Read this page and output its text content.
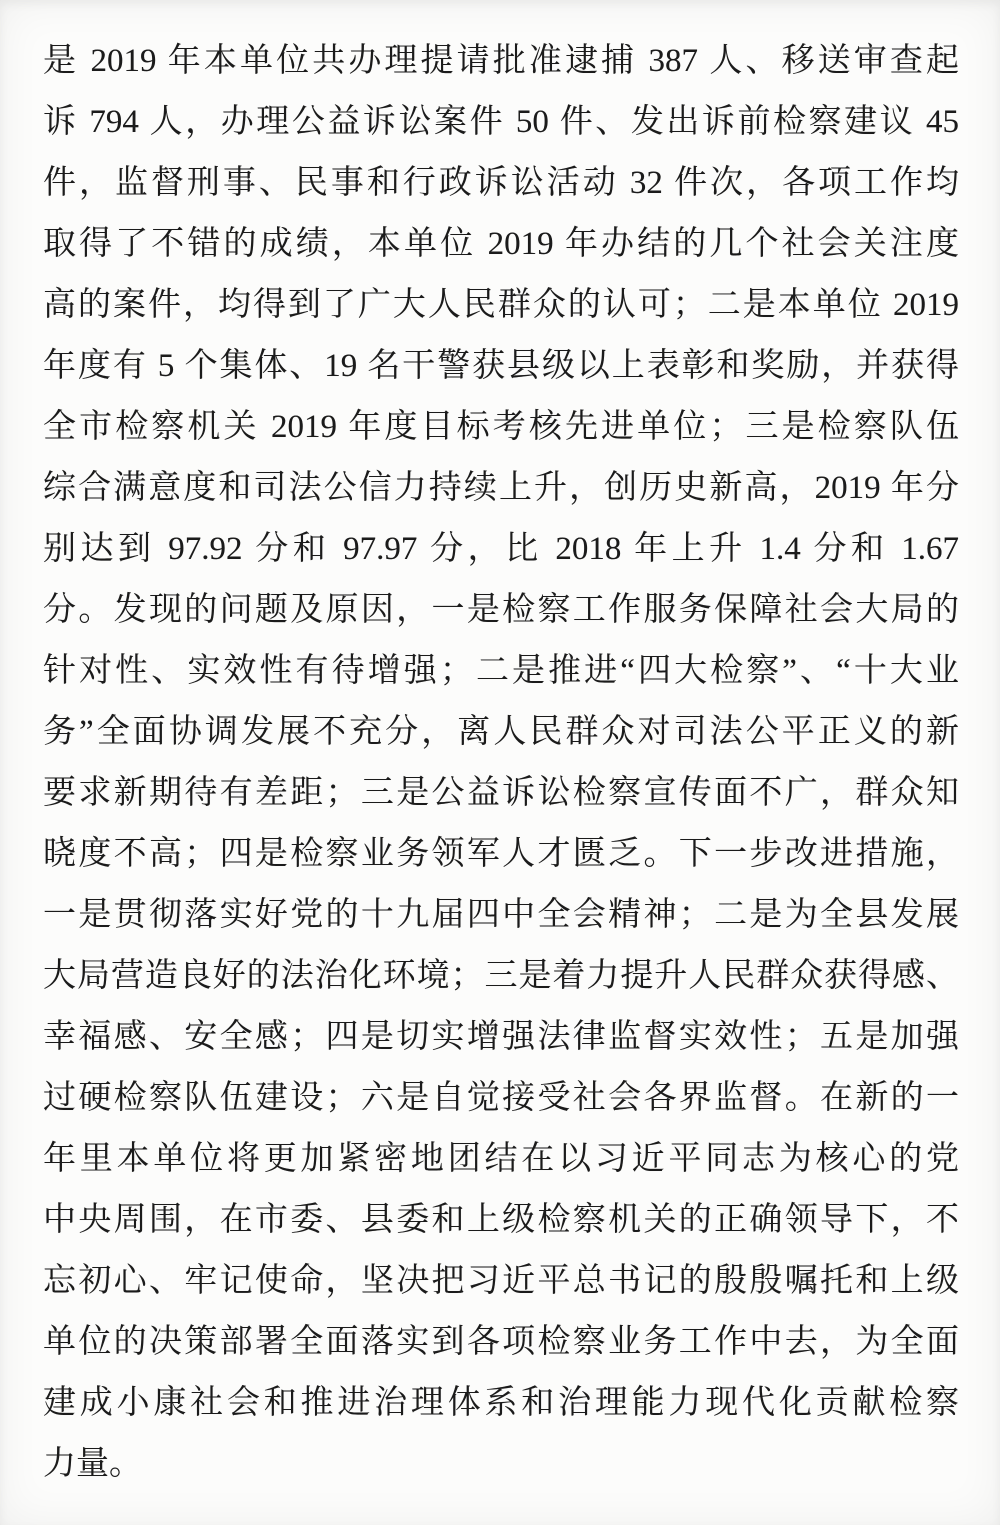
是 2019 年本单位共办理提请批准逮捕 387 人、移送审查起
诉 794 人，办理公益诉讼案件 50 件、发出诉前检察建议 45
件，监督刑事、民事和行政诉讼活动 32 件次，各项工作均
取得了不错的成绩，本单位 2019 年办结的几个社会关注度
高的案件，均得到了广大人民群众的认可；二是本单位 2019
年度有 5 个集体、19 名干警获县级以上表彰和奖励，并获得
全市检察机关 2019 年度目标考核先进单位；三是检察队伍
综合满意度和司法公信力持续上升，创历史新高，2019 年分
别达到 97.92 分和 97.97 分，比 2018 年上升 1.4 分和 1.67
分。发现的问题及原因，一是检察工作服务保障社会大局的
针对性、实效性有待增强；二是推进“四大检察”、“十大业
务”全面协调发展不充分，离人民群众对司法公平正义的新
要求新期待有差距；三是公益诉讼检察宣传面不广，群众知
晓度不高；四是检察业务领军人才匮乏。下一步改进措施，
一是贯彻落实好党的十九届四中全会精神；二是为全县发展
大局营造良好的法治化环境；三是着力提升人民群众获得感、
幸福感、安全感；四是切实增强法律监督实效性；五是加强
过硬检察队伍建设；六是自觉接受社会各界监督。在新的一
年里本单位将更加紧密地团结在以习近平同志为核心的党
中央周围，在市委、县委和上级检察机关的正确领导下，不
忘初心、牢记使命，坚决把习近平总书记的殷殷嘱托和上级
单位的决策部署全面落实到各项检察业务工作中去，为全面
建成小康社会和推进治理体系和治理能力现代化贡献检察
力量。
